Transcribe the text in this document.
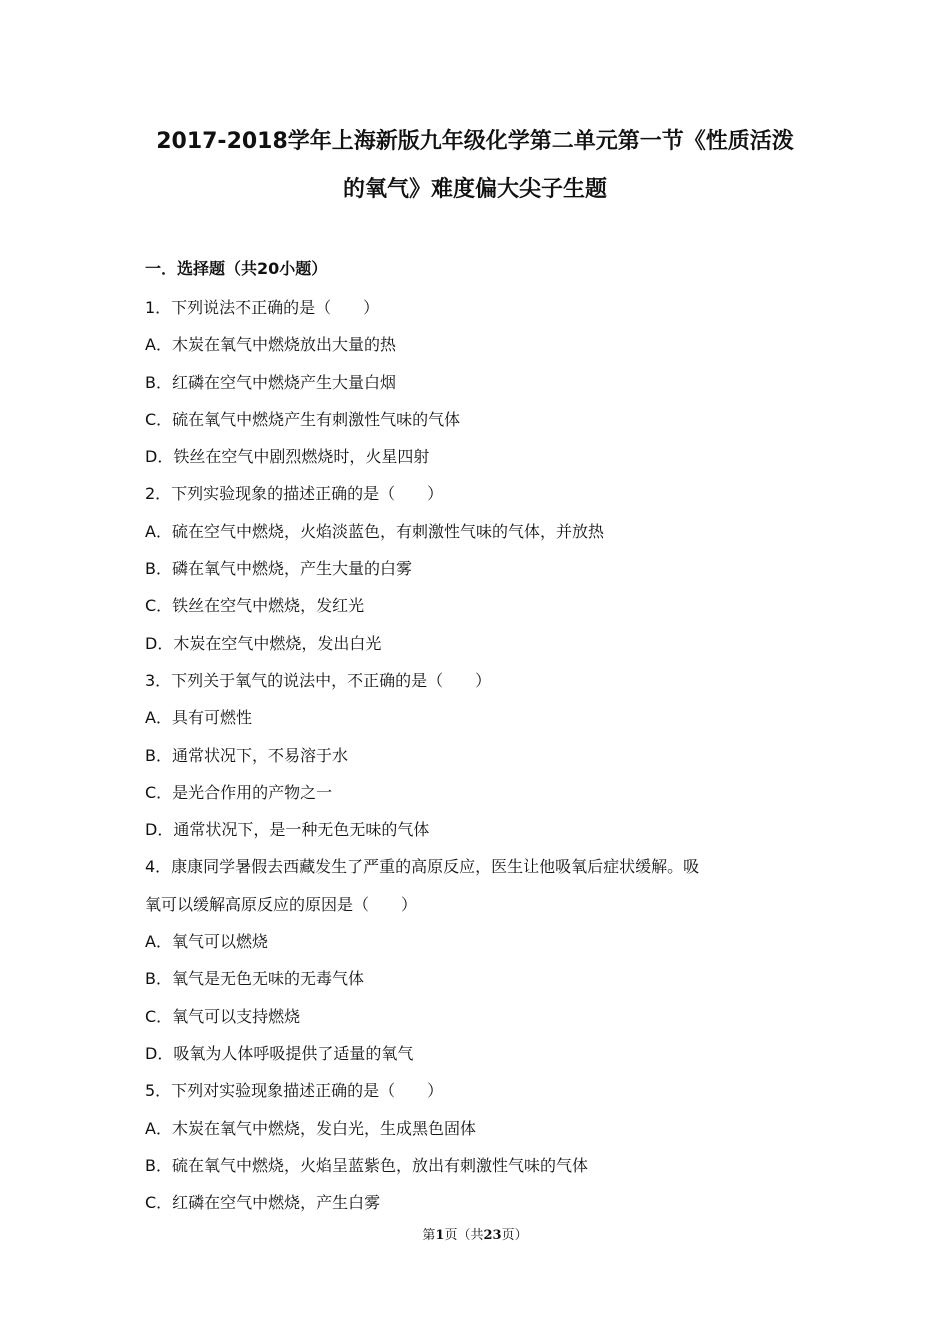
2017-2018学年上海新版九年级化学第二单元第一节《性质活泼
的氧气》难度偏大尖子生题
一．选择题（共20小题）
1．下列说法不正确的是（　　）
A．木炭在氧气中燃烧放出大量的热
B．红磷在空气中燃烧产生大量白烟
C．硫在氧气中燃烧产生有刺激性气味的气体
D．铁丝在空气中剧烈燃烧时，火星四射
2．下列实验现象的描述正确的是（　　）
A．硫在空气中燃烧，火焰淡蓝色，有刺激性气味的气体，并放热
B．磷在氧气中燃烧，产生大量的白雾
C．铁丝在空气中燃烧，发红光
D．木炭在空气中燃烧，发出白光
3．下列关于氧气的说法中，不正确的是（　　）
A．具有可燃性
B．通常状况下，不易溶于水
C．是光合作用的产物之一
D．通常状况下，是一种无色无味的气体
4．康康同学暑假去西藏发生了严重的高原反应，医生让他吸氧后症状缓解。吸
氧可以缓解高原反应的原因是（　　）
A．氧气可以燃烧
B．氧气是无色无味的无毒气体
C．氧气可以支持燃烧
D．吸氧为人体呼吸提供了适量的氧气
5．下列对实验现象描述正确的是（　　）
A．木炭在氧气中燃烧，发白光，生成黑色固体
B．硫在氧气中燃烧，火焰呈蓝紫色，放出有刺激性气味的气体
C．红磷在空气中燃烧，产生白雾
第1页（共23页）
